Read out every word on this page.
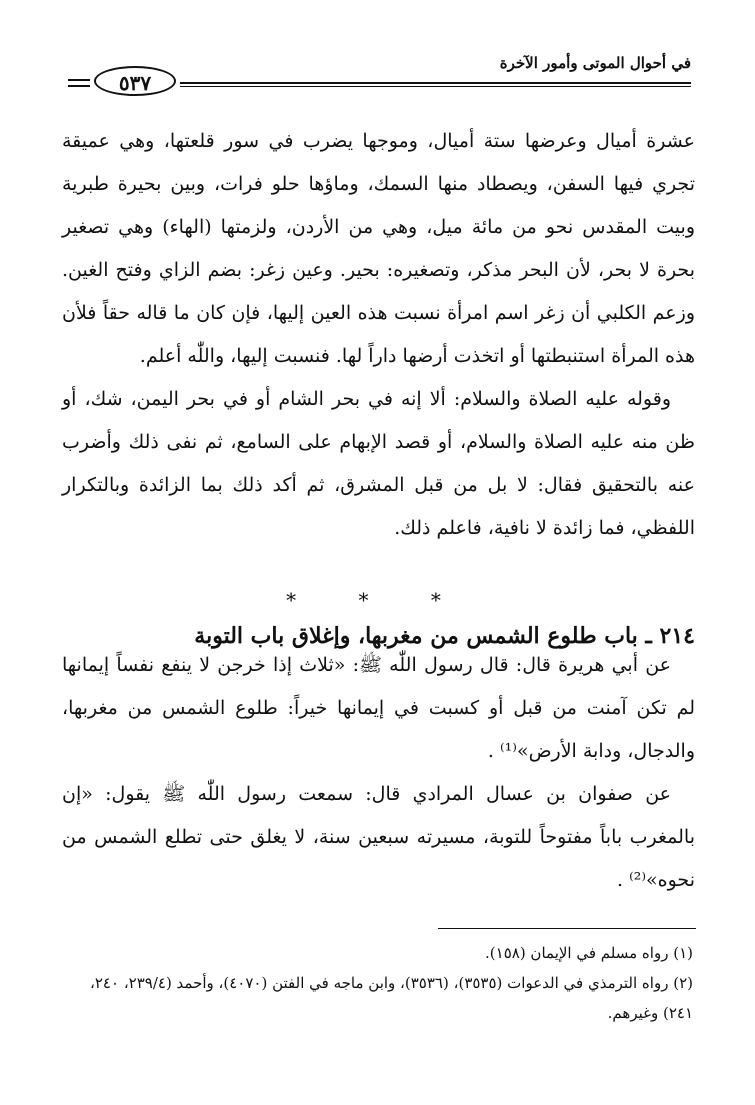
في أحوال الموتى وأمور الآخرة
٥٣٧

عشرة أميال وعرضها ستة أميال، وموجها يضرب في سور قلعتها، وهي عميقة تجري فيها السفن، ويصطاد منها السمك، وماؤها حلو فرات، وبين بحيرة طبرية وبيت المقدس نحو من مائة ميل، وهي من الأردن، ولزمتها (الهاء) وهي تصغير بحرة لا بحر، لأن البحر مذكر، وتصغيره: بحير. وعين زغر: بضم الزاي وفتح الغين. وزعم الكلبي أن زغر اسم امرأة نسبت هذه العين إليها، فإن كان ما قاله حقاً فلأن هذه المرأة استنبطتها أو اتخذت أرضها داراً لها. فنسبت إليها، واللّٰه أعلم.

وقوله عليه الصلاة والسلام: ألا إنه في بحر الشام أو في بحر اليمن، شك، أو ظن منه عليه الصلاة والسلام، أو قصد الإبهام على السامع، ثم نفى ذلك وأضرب عنه بالتحقيق فقال: لا بل من قبل المشرق، ثم أكد ذلك بما الزائدة وبالتكرار اللفظي، فما زائدة لا نافية، فاعلم ذلك.

* * *
٢١٤ ـ باب طلوع الشمس من مغربها، وإغلاق باب التوبة

عن أبي هريرة قال: قال رسول اللّٰه ﷺ: «ثلاث إذا خرجن لا ينفع نفساً إيمانها لم تكن آمنت من قبل أو كسبت في إيمانها خيراً: طلوع الشمس من مغربها، والدجال، ودابة الأرض»⁽¹⁾ .

عن صفوان بن عسال المرادي قال: سمعت رسول اللّٰه ﷺ يقول: «إن بالمغرب باباً مفتوحاً للتوبة، مسيرته سبعين سنة، لا يغلق حتى تطلع الشمس من نحوه»⁽²⁾ .

(١) رواه مسلم في الإيمان (١٥٨).

(٢) رواه الترمذي في الدعوات (٣٥٣٥)، (٣٥٣٦)، وابن ماجه في الفتن (٤٠٧٠)، وأحمد (٢٣٩/٤، ٢٤٠، ٢٤١) وغيرهم.
